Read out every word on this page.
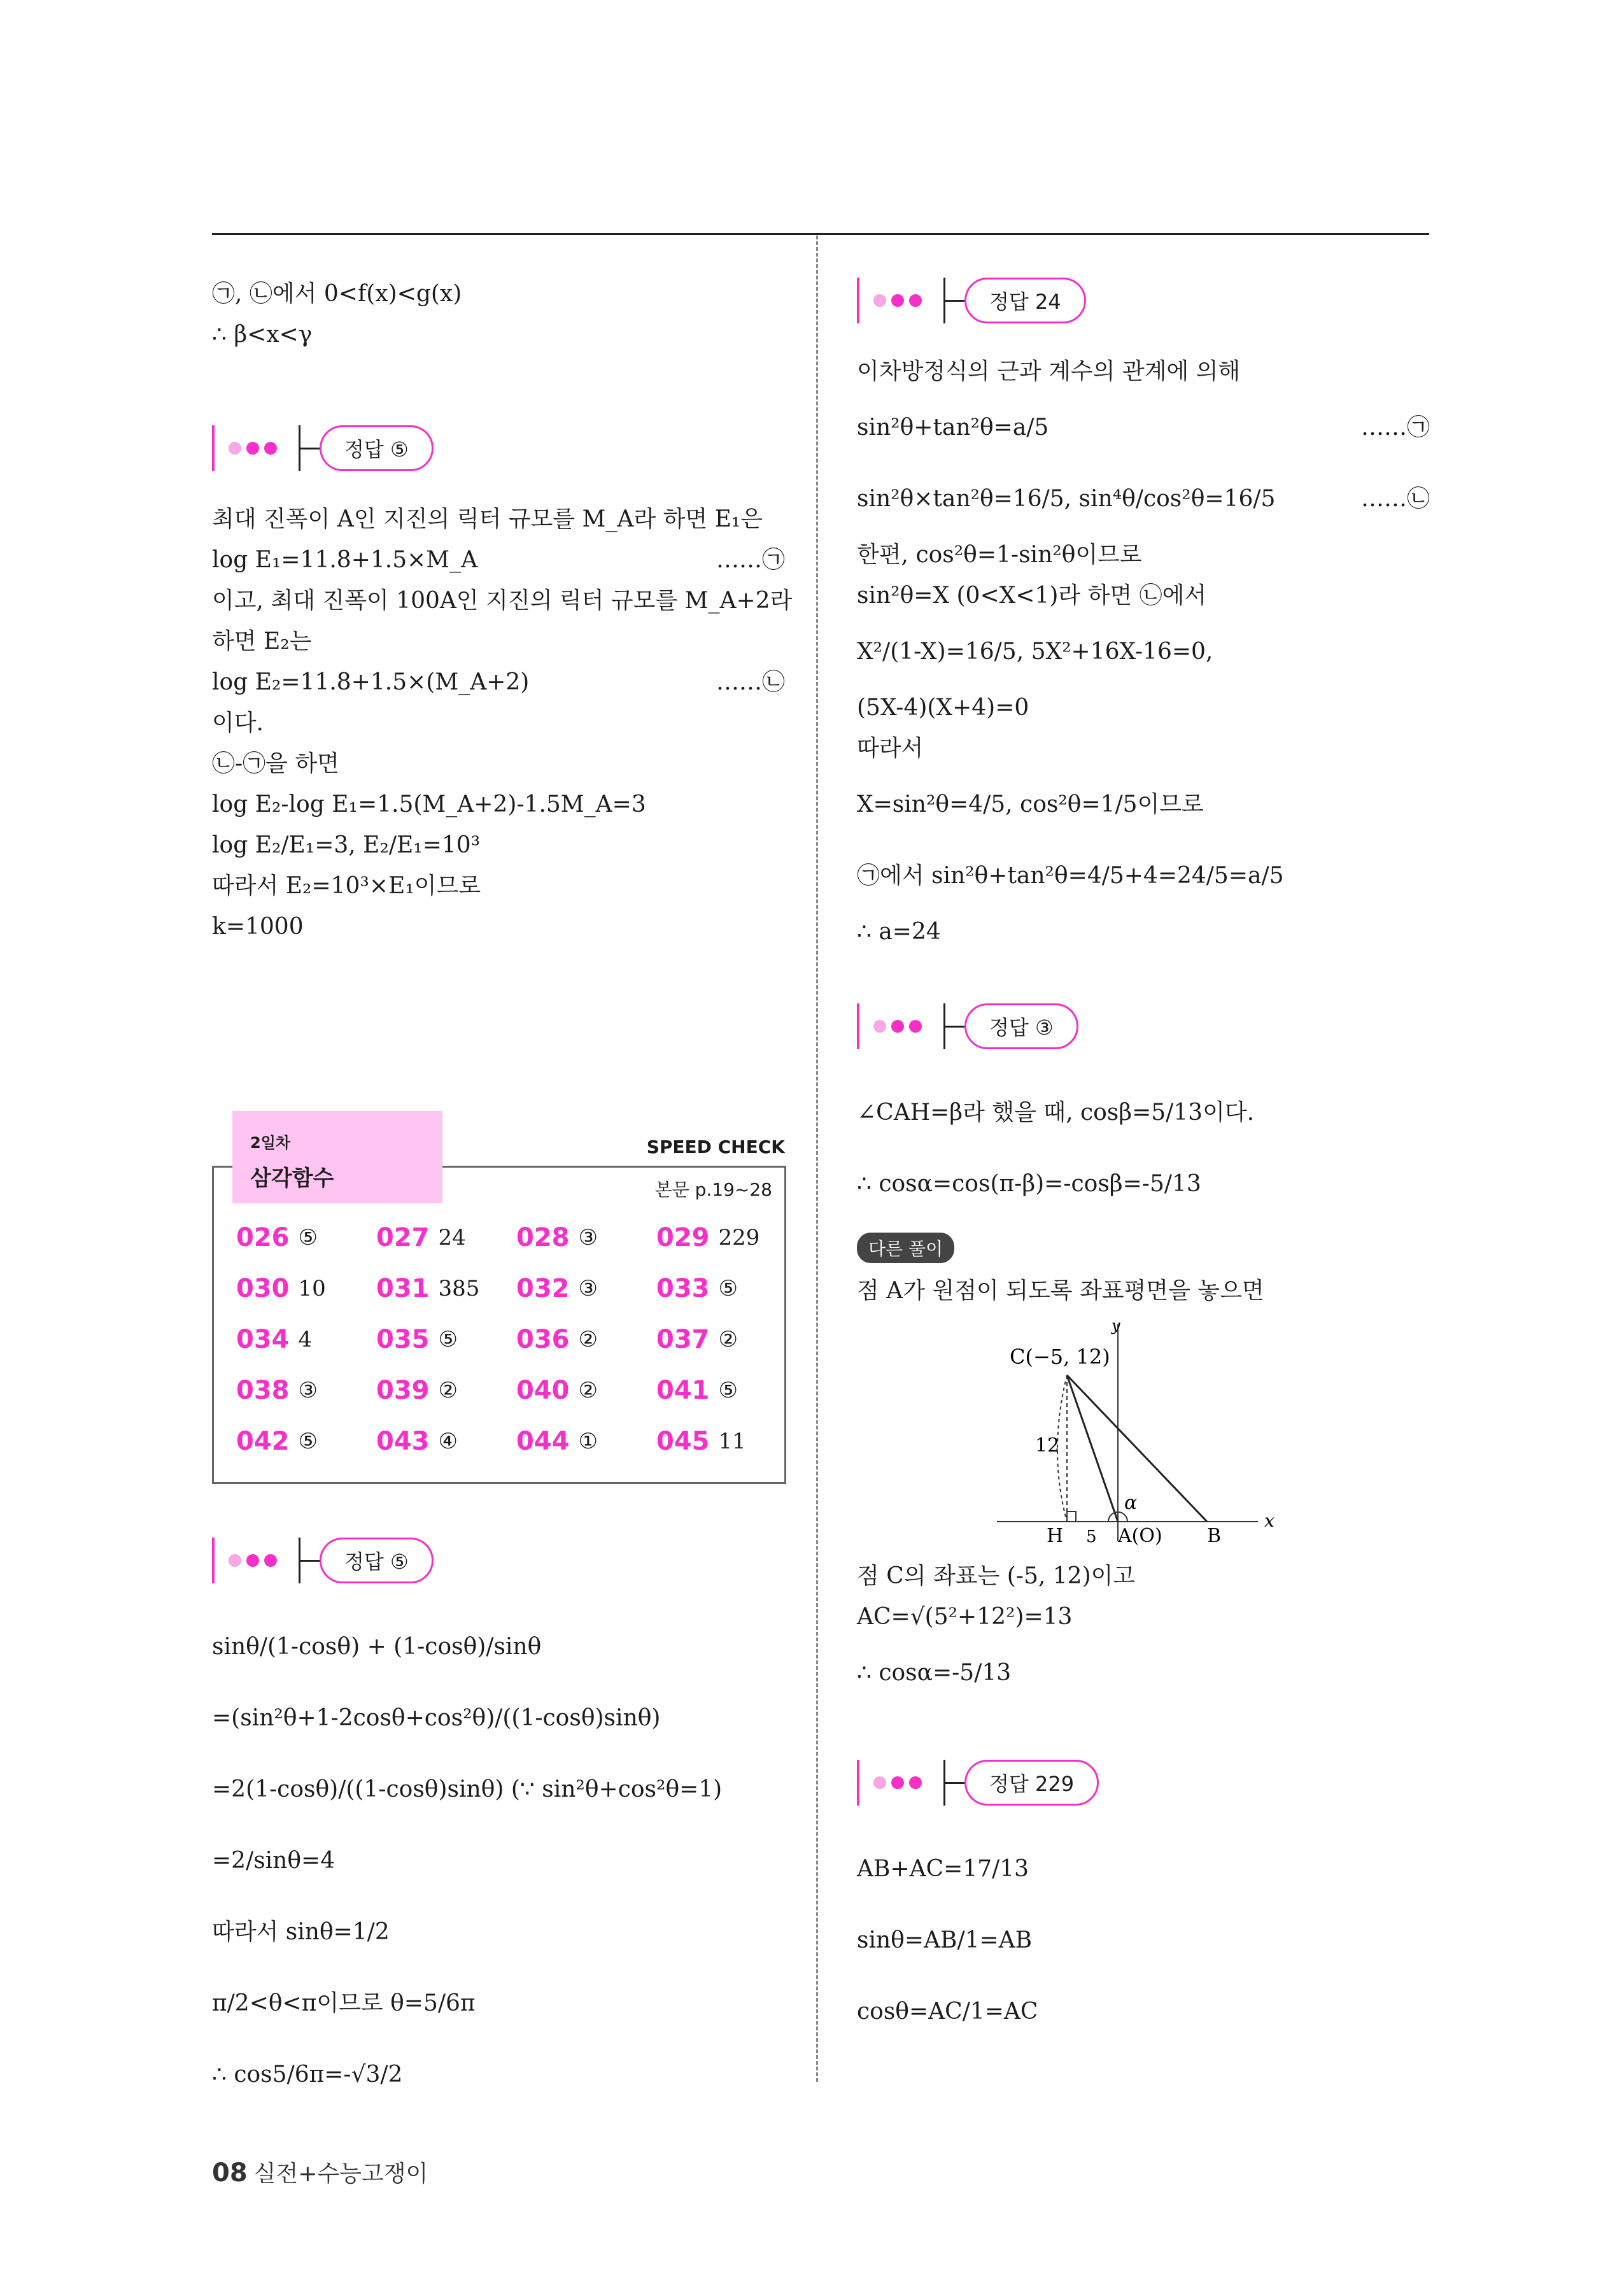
㉠, ㉡에서 0<f(x)<g(x)
∴ β<x<γ
정답 ⑤
최대 진폭이 A인 지진의 릭터 규모를 M_A라 하면 E₁은
log E₁=11.8+1.5×M_A	……㉠
이고, 최대 진폭이 100A인 지진의 릭터 규모를 M_A+2라
하면 E₂는
log E₂=11.8+1.5×(M_A+2)	……㉡
이다.
㉡-㉠을 하면
log E₂-log E₁=1.5(M_A+2)-1.5M_A=3
log E₂/E₁=3, E₂/E₁=10³
따라서 E₂=10³×E₁이므로
k=1000
2일차
삼각함수
SPEED CHECK
본문 p.19~28
026 ⑤ 027 24 028 ③ 029 229
030 10 031 385 032 ③ 033 ⑤
034 4	035 ⑤ 036 ② 037 ②
038 ③ 039 ② 040 ② 041 ⑤
042 ⑤ 043 ④ 044 ① 045 11
정답 ⑤
sinθ/(1-cosθ) + (1-cosθ)/sinθ
=(sin²θ+1-2cosθ+cos²θ)/((1-cosθ)sinθ)
=2(1-cosθ)/((1-cosθ)sinθ) (∵ sin²θ+cos²θ=1)
=2/sinθ=4
따라서 sinθ=1/2
π/2<θ<π이므로 θ=5/6π
∴ cos5/6π=-√3/2
정답 24
이차방정식의 근과 계수의 관계에 의해
sin²θ+tan²θ=a/5	……㉠
sin²θ×tan²θ=16/5, sin⁴θ/cos²θ=16/5	……㉡
한편, cos²θ=1-sin²θ이므로
sin²θ=X (0<X<1)라 하면 ㉡에서
X²/(1-X)=16/5, 5X²+16X-16=0,
(5X-4)(X+4)=0
따라서
X=sin²θ=4/5, cos²θ=1/5이므로
㉠에서 sin²θ+tan²θ=4/5+4=24/5=a/5
∴ a=24
정답 ③
∠CAH=β라 했을 때, cosβ=5/13이다.
∴ cosα=cos(π-β)=-cosβ=-5/13
다른 풀이
점 A가 원점이 되도록 좌표평면을 놓으면
C(−5, 12)
y
x
12
H 5 A(O) B
α
점 C의 좌표는 (-5, 12)이고
AC=√(5²+12²)=13
∴ cosα=-5/13
정답 229
AB+AC=17/13
sinθ=AB/1=AB
cosθ=AC/1=AC
08 실전+수능고쟁이
